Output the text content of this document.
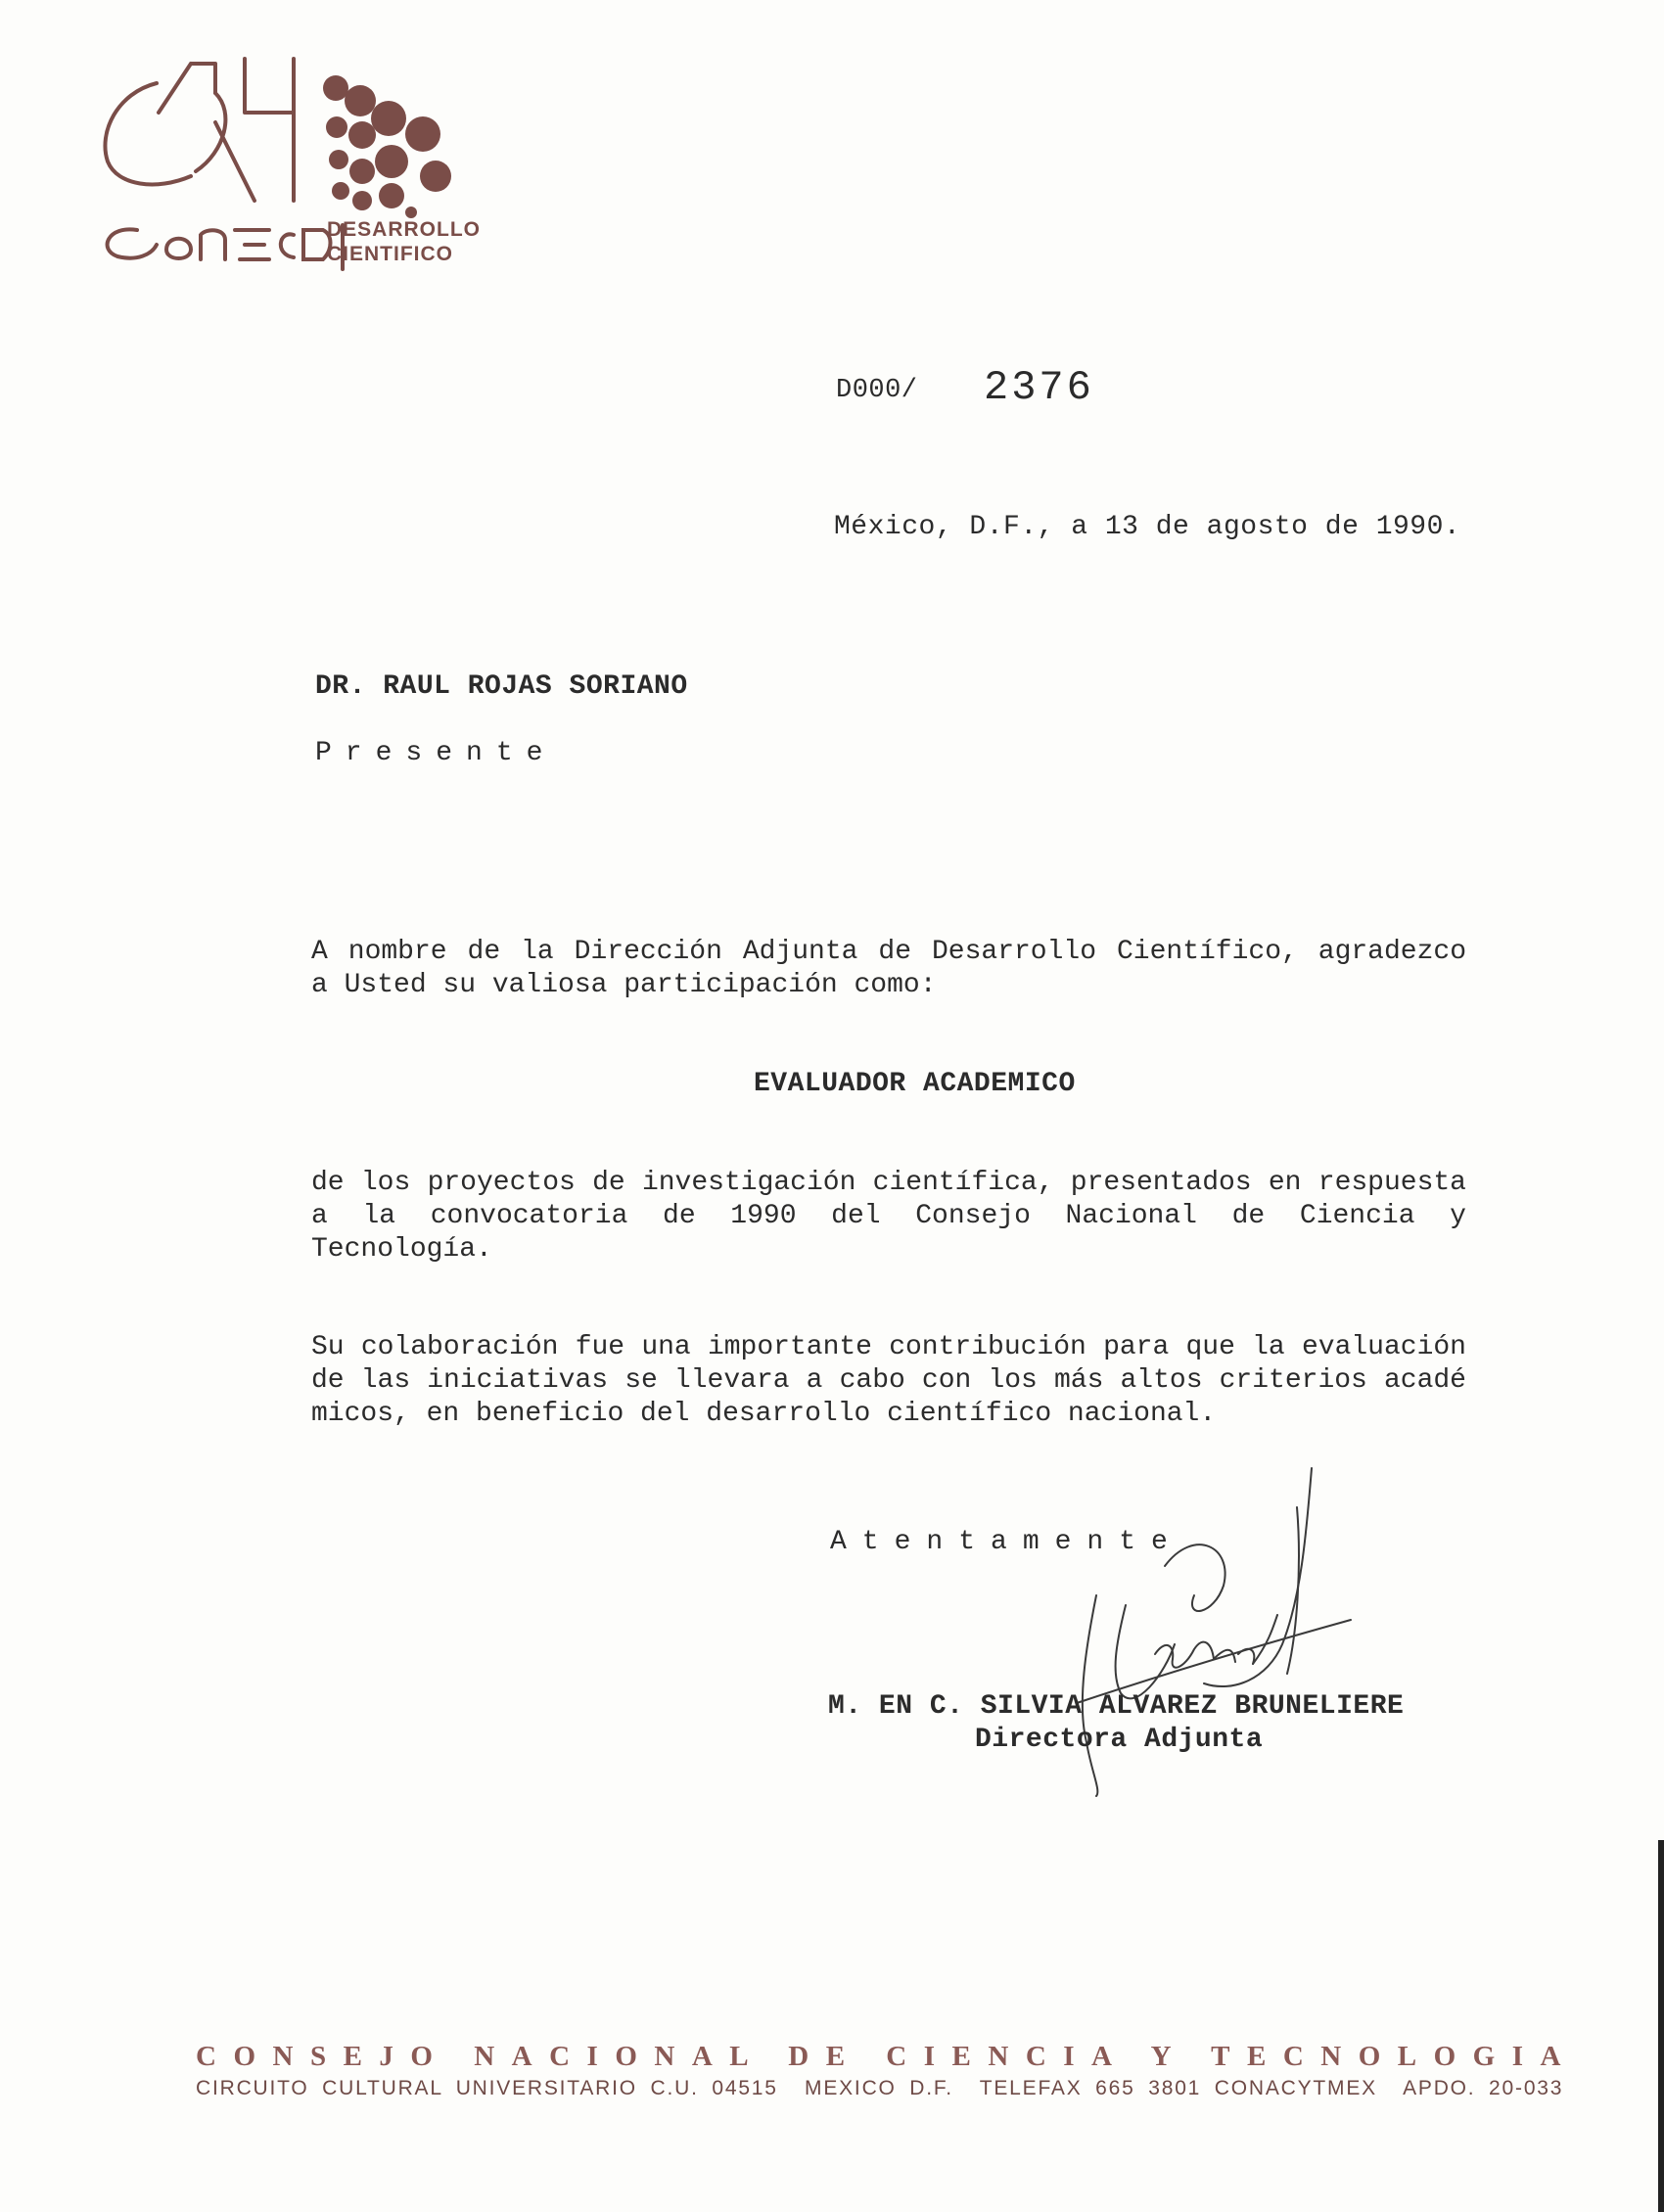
DESARROLLO
CIENTIFICO
D000/ 2376
México, D.F., a 13 de agosto de 1990.
DR. RAUL ROJAS SORIANO
Presente
A nombre de la Dirección Adjunta de Desarrollo Científico, agradezco
a Usted su valiosa participación como:
EVALUADOR ACADEMICO
de los proyectos de investigación científica, presentados en respuesta
a la convocatoria de 1990 del Consejo Nacional de Ciencia y
Tecnología.
Su colaboración fue una importante contribución para que la evaluación
de las iniciativas se llevara a cabo con los más altos criterios acadé
micos, en beneficio del desarrollo científico nacional.
Atentamente
M. EN C. SILVIA ALVAREZ BRUNELIERE
Directora Adjunta
CONSEJO NACIONAL DE CIENCIA Y TECNOLOGIA
CIRCUITO CULTURAL UNIVERSITARIO C.U. 04515  MEXICO D.F.  TELEFAX 665 3801 CONACYTMEX  APDO. 20-033
